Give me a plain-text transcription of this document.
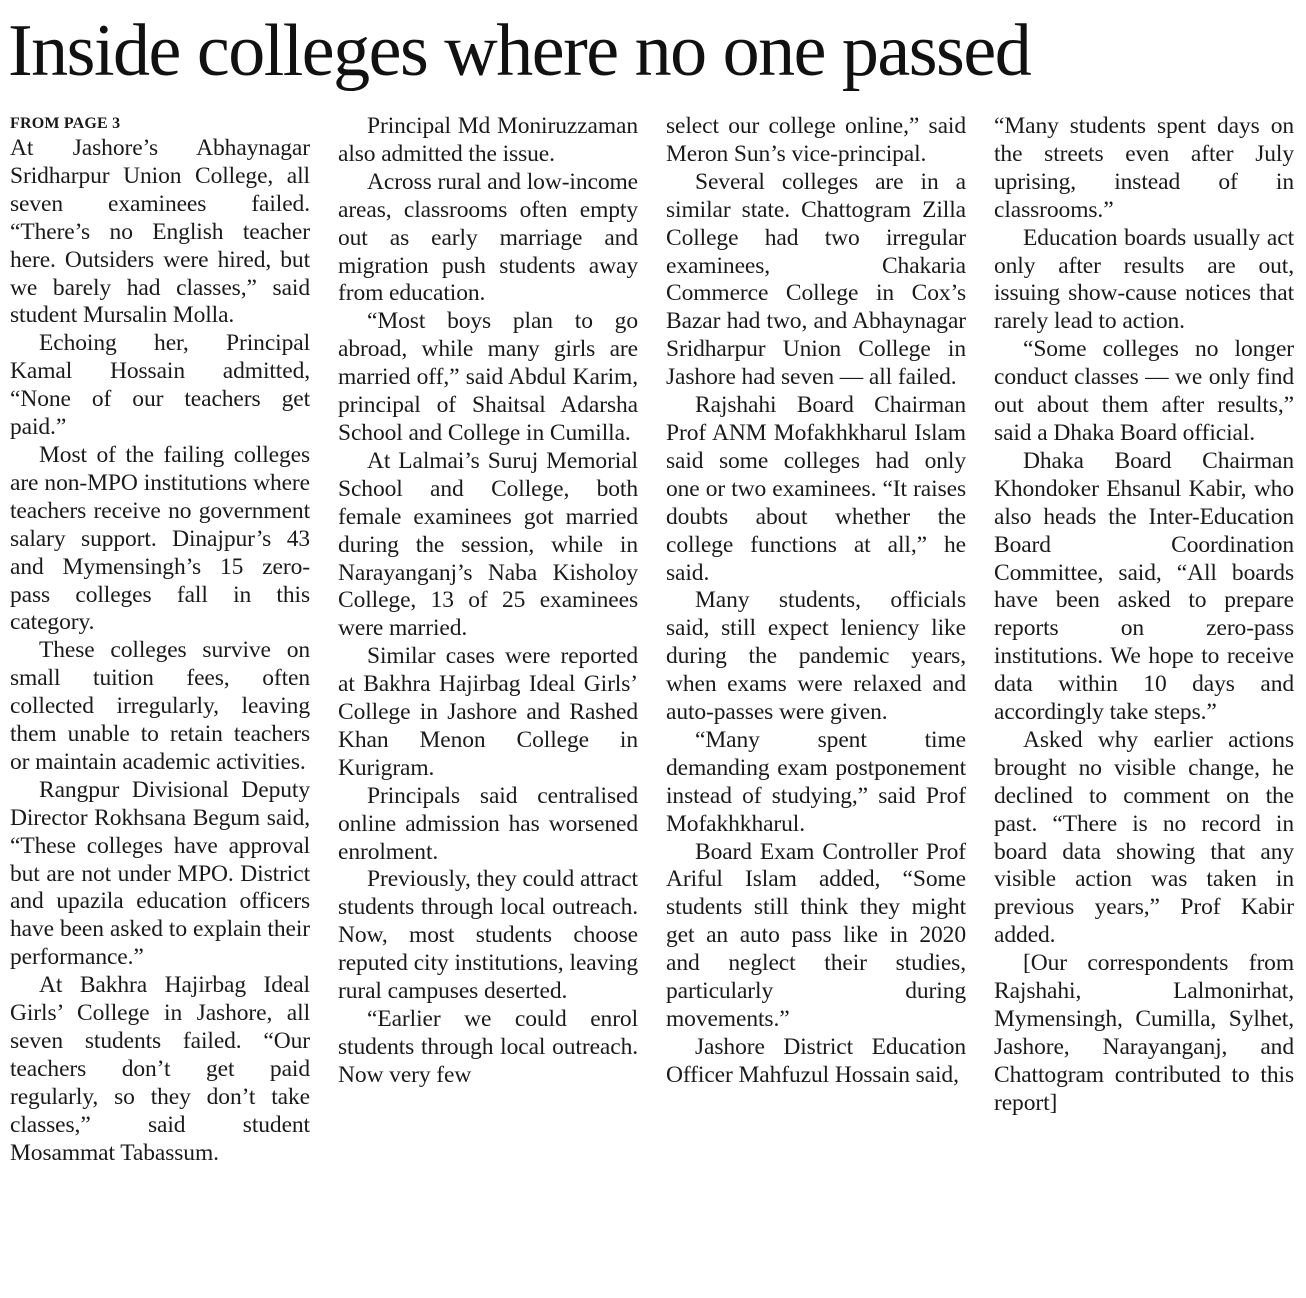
Inside colleges where no one passed

FROM PAGE 3

At Jashore’s Abhaynagar Sridharpur Union College, all seven examinees failed. “There’s no English teacher here. Outsiders were hired, but we barely had classes,” said student Mursalin Molla.

Echoing her, Principal Kamal Hossain admitted, “None of our teachers get paid.”

Most of the failing colleges are non-MPO institutions where teachers receive no government salary support. Dinajpur’s 43 and Mymensingh’s 15 zero-pass colleges fall in this category.

These colleges survive on small tuition fees, often collected irregularly, leaving them unable to retain teachers or maintain academic activities.

Rangpur Divisional Deputy Director Rokhsana Begum said, “These colleges have approval but are not under MPO. District and upazila education officers have been asked to explain their performance.”

At Bakhra Hajirbag Ideal Girls’ College in Jashore, all seven students failed. “Our teachers don’t get paid regularly, so they don’t take classes,” said student Mosammat Tabassum.

Principal Md Moniruzzaman also admitted the issue.

Across rural and low-income areas, classrooms often empty out as early marriage and migration push students away from education.

“Most boys plan to go abroad, while many girls are married off,” said Abdul Karim, principal of Shaitsal Adarsha School and College in Cumilla.

At Lalmai’s Suruj Memorial School and College, both female examinees got married during the session, while in Narayanganj’s Naba Kisholoy College, 13 of 25 examinees were married.

Similar cases were reported at Bakhra Hajirbag Ideal Girls’ College in Jashore and Rashed Khan Menon College in Kurigram.

Principals said centralised online admission has worsened enrolment.

Previously, they could attract students through local outreach. Now, most students choose reputed city institutions, leaving rural campuses deserted.

“Earlier we could enrol students through local outreach. Now very few

select our college online,” said Meron Sun’s vice-principal.

Several colleges are in a similar state. Chattogram Zilla College had two irregular examinees, Chakaria Commerce College in Cox’s Bazar had two, and Abhaynagar Sridharpur Union College in Jashore had seven — all failed.

Rajshahi Board Chairman Prof ANM Mofakhkharul Islam said some colleges had only one or two examinees. “It raises doubts about whether the college functions at all,” he said.

Many students, officials said, still expect leniency like during the pandemic years, when exams were relaxed and auto-passes were given.

“Many spent time demanding exam postponement instead of studying,” said Prof Mofakhkharul.

Board Exam Controller Prof Ariful Islam added, “Some students still think they might get an auto pass like in 2020 and neglect their studies, particularly during movements.”

Jashore District Education Officer Mahfuzul Hossain said,

“Many students spent days on the streets even after July uprising, instead of in classrooms.”

Education boards usually act only after results are out, issuing show-cause notices that rarely lead to action.

“Some colleges no longer conduct classes — we only find out about them after results,” said a Dhaka Board official.

Dhaka Board Chairman Khondoker Ehsanul Kabir, who also heads the Inter-Education Board Coordination Committee, said, “All boards have been asked to prepare reports on zero-pass institutions. We hope to receive data within 10 days and accordingly take steps.”

Asked why earlier actions brought no visible change, he declined to comment on the past. “There is no record in board data showing that any visible action was taken in previous years,” Prof Kabir added.

[Our correspondents from Rajshahi, Lalmonirhat, Mymensingh, Cumilla, Sylhet, Jashore, Narayanganj, and Chattogram contributed to this report]
